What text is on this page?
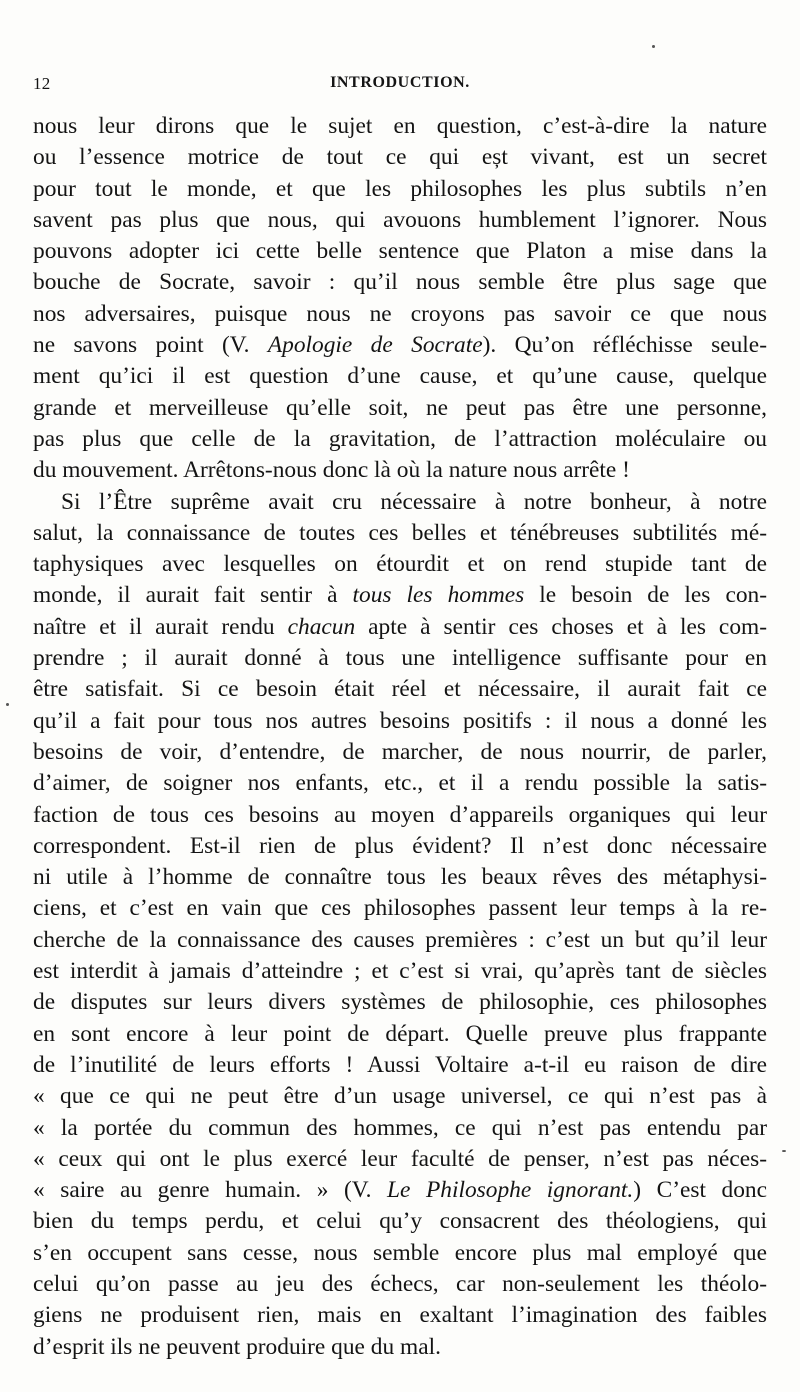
12	INTRODUCTION.
nous leur dirons que le sujet en question, c’est-à-dire la nature
ou l’essence motrice de tout ce qui eșt vivant, est un secret
pour tout le monde, et que les philosophes les plus subtils n’en
savent pas plus que nous, qui avouons humblement l’ignorer. Nous
pouvons adopter ici cette belle sentence que Platon a mise dans la
bouche de Socrate, savoir : qu’il nous semble être plus sage que
nos adversaires, puisque nous ne croyons pas savoir ce que nous
ne savons point (V. Apologie de Socrate). Qu’on réfléchisse seule-
ment qu’ici il est question d’une cause, et qu’une cause, quelque
grande et merveilleuse qu’elle soit, ne peut pas être une personne,
pas plus que celle de la gravitation, de l’attraction moléculaire ou
du mouvement. Arrêtons-nous donc là où la nature nous arrête !
Si l’Être suprême avait cru nécessaire à notre bonheur, à notre
salut, la connaissance de toutes ces belles et ténébreuses subtilités mé-
taphysiques avec lesquelles on étourdit et on rend stupide tant de
monde, il aurait fait sentir à tous les hommes le besoin de les con-
naître et il aurait rendu chacun apte à sentir ces choses et à les com-
prendre ; il aurait donné à tous une intelligence suffisante pour en
être satisfait. Si ce besoin était réel et nécessaire, il aurait fait ce
qu’il a fait pour tous nos autres besoins positifs : il nous a donné les
besoins de voir, d’entendre, de marcher, de nous nourrir, de parler,
d’aimer, de soigner nos enfants, etc., et il a rendu possible la satis-
faction de tous ces besoins au moyen d’appareils organiques qui leur
correspondent. Est-il rien de plus évident? Il n’est donc nécessaire
ni utile à l’homme de connaître tous les beaux rêves des métaphysi-
ciens, et c’est en vain que ces philosophes passent leur temps à la re-
cherche de la connaissance des causes premières : c’est un but qu’il leur
est interdit à jamais d’atteindre ; et c’est si vrai, qu’après tant de siècles
de disputes sur leurs divers systèmes de philosophie, ces philosophes
en sont encore à leur point de départ. Quelle preuve plus frappante
de l’inutilité de leurs efforts ! Aussi Voltaire a-t-il eu raison de dire
« que ce qui ne peut être d’un usage universel, ce qui n’est pas à
« la portée du commun des hommes, ce qui n’est pas entendu par
« ceux qui ont le plus exercé leur faculté de penser, n’est pas néces-
« saire au genre humain. » (V. Le Philosophe ignorant.) C’est donc
bien du temps perdu, et celui qu’y consacrent des théologiens, qui
s’en occupent sans cesse, nous semble encore plus mal employé que
celui qu’on passe au jeu des échecs, car non-seulement les théolo-
giens ne produisent rien, mais en exaltant l’imagination des faibles
d’esprit ils ne peuvent produire que du mal.
